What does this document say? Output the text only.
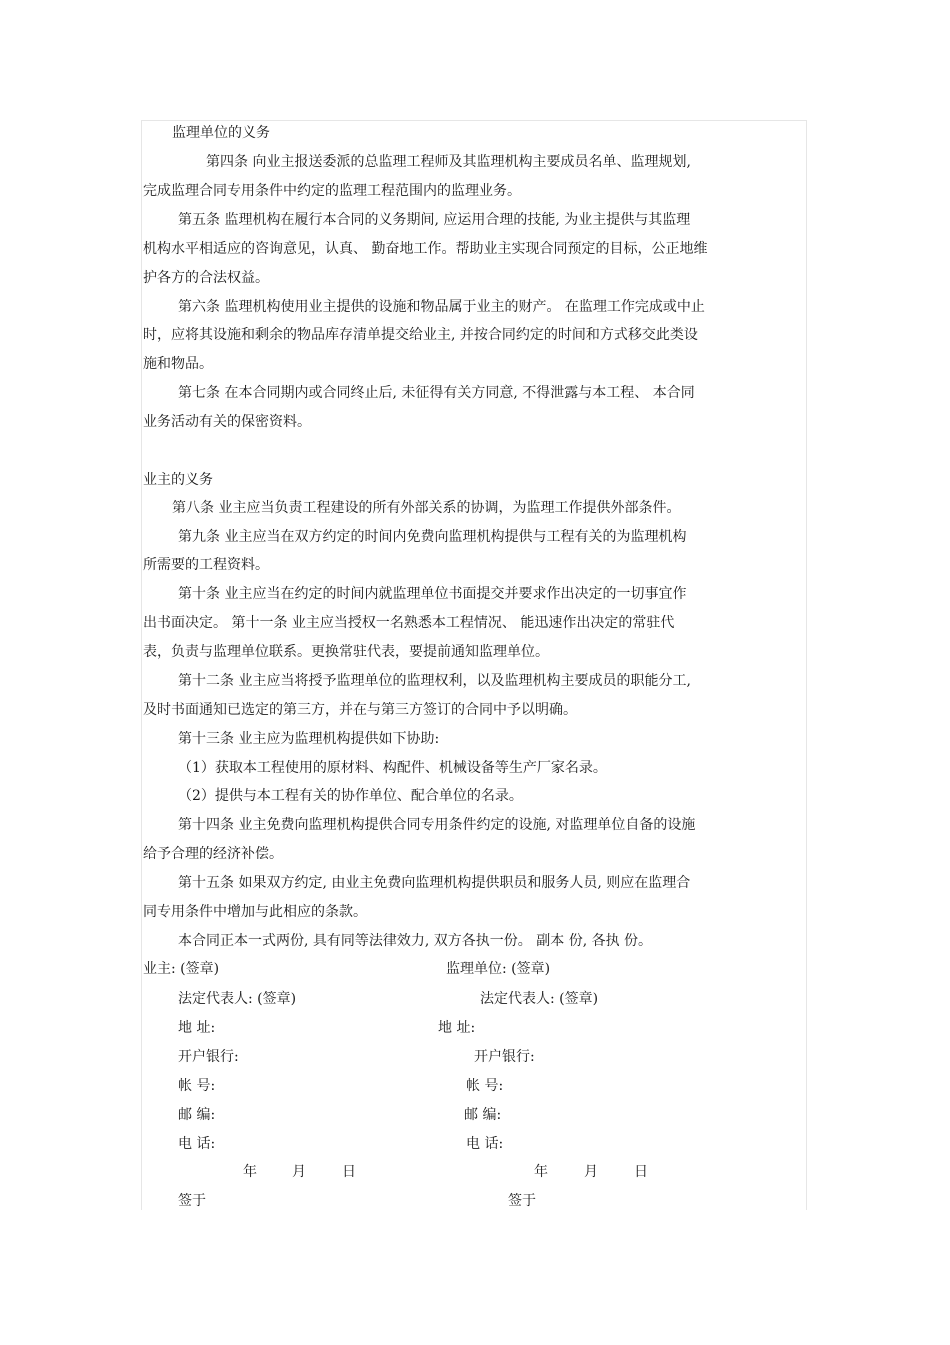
监理单位的义务
第四条 向业主报送委派的总监理工程师及其监理机构主要成员名单、监理规划,
完成监理合同专用条件中约定的监理工程范围内的监理业务。
第五条 监理机构在履行本合同的义务期间, 应运用合理的技能, 为业主提供与其监理
机构水平相适应的咨询意见，认真、 勤奋地工作。帮助业主实现合同预定的目标，公正地维
护各方的合法权益。
第六条 监理机构使用业主提供的设施和物品属于业主的财产。 在监理工作完成或中止
时，应将其设施和剩余的物品库存清单提交给业主, 并按合同约定的时间和方式移交此类设
施和物品。
第七条 在本合同期内或合同终止后, 未征得有关方同意, 不得泄露与本工程、 本合同
业务活动有关的保密资料。
业主的义务
第八条 业主应当负责工程建设的所有外部关系的协调，为监理工作提供外部条件。
第九条 业主应当在双方约定的时间内免费向监理机构提供与工程有关的为监理机构
所需要的工程资料。
第十条 业主应当在约定的时间内就监理单位书面提交并要求作出决定的一切事宜作
出书面决定。 第十一条 业主应当授权一名熟悉本工程情况、 能迅速作出决定的常驻代
表，负责与监理单位联系。更换常驻代表，要提前通知监理单位。
第十二条 业主应当将授予监理单位的监理权利，以及监理机构主要成员的职能分工,
及时书面通知已选定的第三方，并在与第三方签订的合同中予以明确。
第十三条 业主应为监理机构提供如下协助:
（1）获取本工程使用的原材料、构配件、机械设备等生产厂家名录。
（2）提供与本工程有关的协作单位、配合单位的名录。
第十四条 业主免费向监理机构提供合同专用条件约定的设施, 对监理单位自备的设施
给予合理的经济补偿。
第十五条 如果双方约定, 由业主免费向监理机构提供职员和服务人员, 则应在监理合
同专用条件中增加与此相应的条款。
本合同正本一式两份, 具有同等法律效力, 双方各执一份。 副本 份, 各执 份。
业主: (签章)	监理单位: (签章)
法定代表人: (签章)	法定代表人: (签章)
地 址:	地 址:
开户银行:	开户银行:
帐 号:	帐 号:
邮 编:	邮 编:
电 话:	电 话:
年	月	日	年	月	日
签于	签于
